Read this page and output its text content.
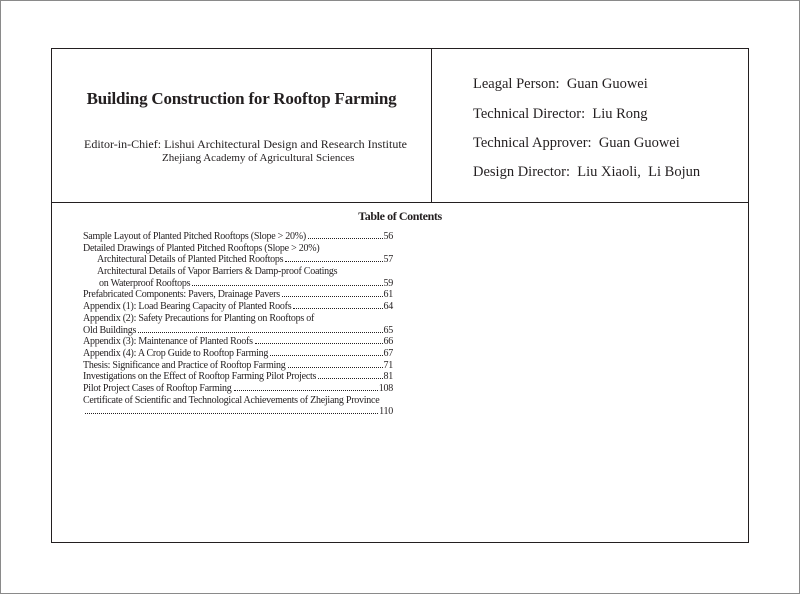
Building Construction for Rooftop Farming
Editor-in-Chief: Lishui Architectural Design and Research Institute
Zhejiang Academy of Agricultural Sciences
Leagal Person:  Guan Guowei
Technical Director:  Liu Rong
Technical Approver:  Guan Guowei
Design Director:  Liu Xiaoli,  Li Bojun
Table of Contents
Sample Layout of Planted Pitched Rooftops (Slope > 20%)	56
Detailed Drawings of Planted Pitched Rooftops (Slope > 20%)
Architectural Details of Planted Pitched Rooftops	57
Architectural Details of Vapor Barriers & Damp-proof Coatings
on Waterproof Rooftops	59
Prefabricated Components: Pavers, Drainage Pavers	61
Appendix (1): Load Bearing Capacity of Planted Roofs	64
Appendix (2): Safety Precautions for Planting on Rooftops of
Old Buildings	65
Appendix (3): Maintenance of Planted Roofs	66
Appendix (4): A Crop Guide to Rooftop Farming	67
Thesis: Significance and Practice of Rooftop Farming	71
Investigations on the Effect of Rooftop Farming Pilot Projects	81
Pilot Project Cases of Rooftop Farming	108
Certificate of Scientific and Technological Achievements of Zhejiang Province
110
